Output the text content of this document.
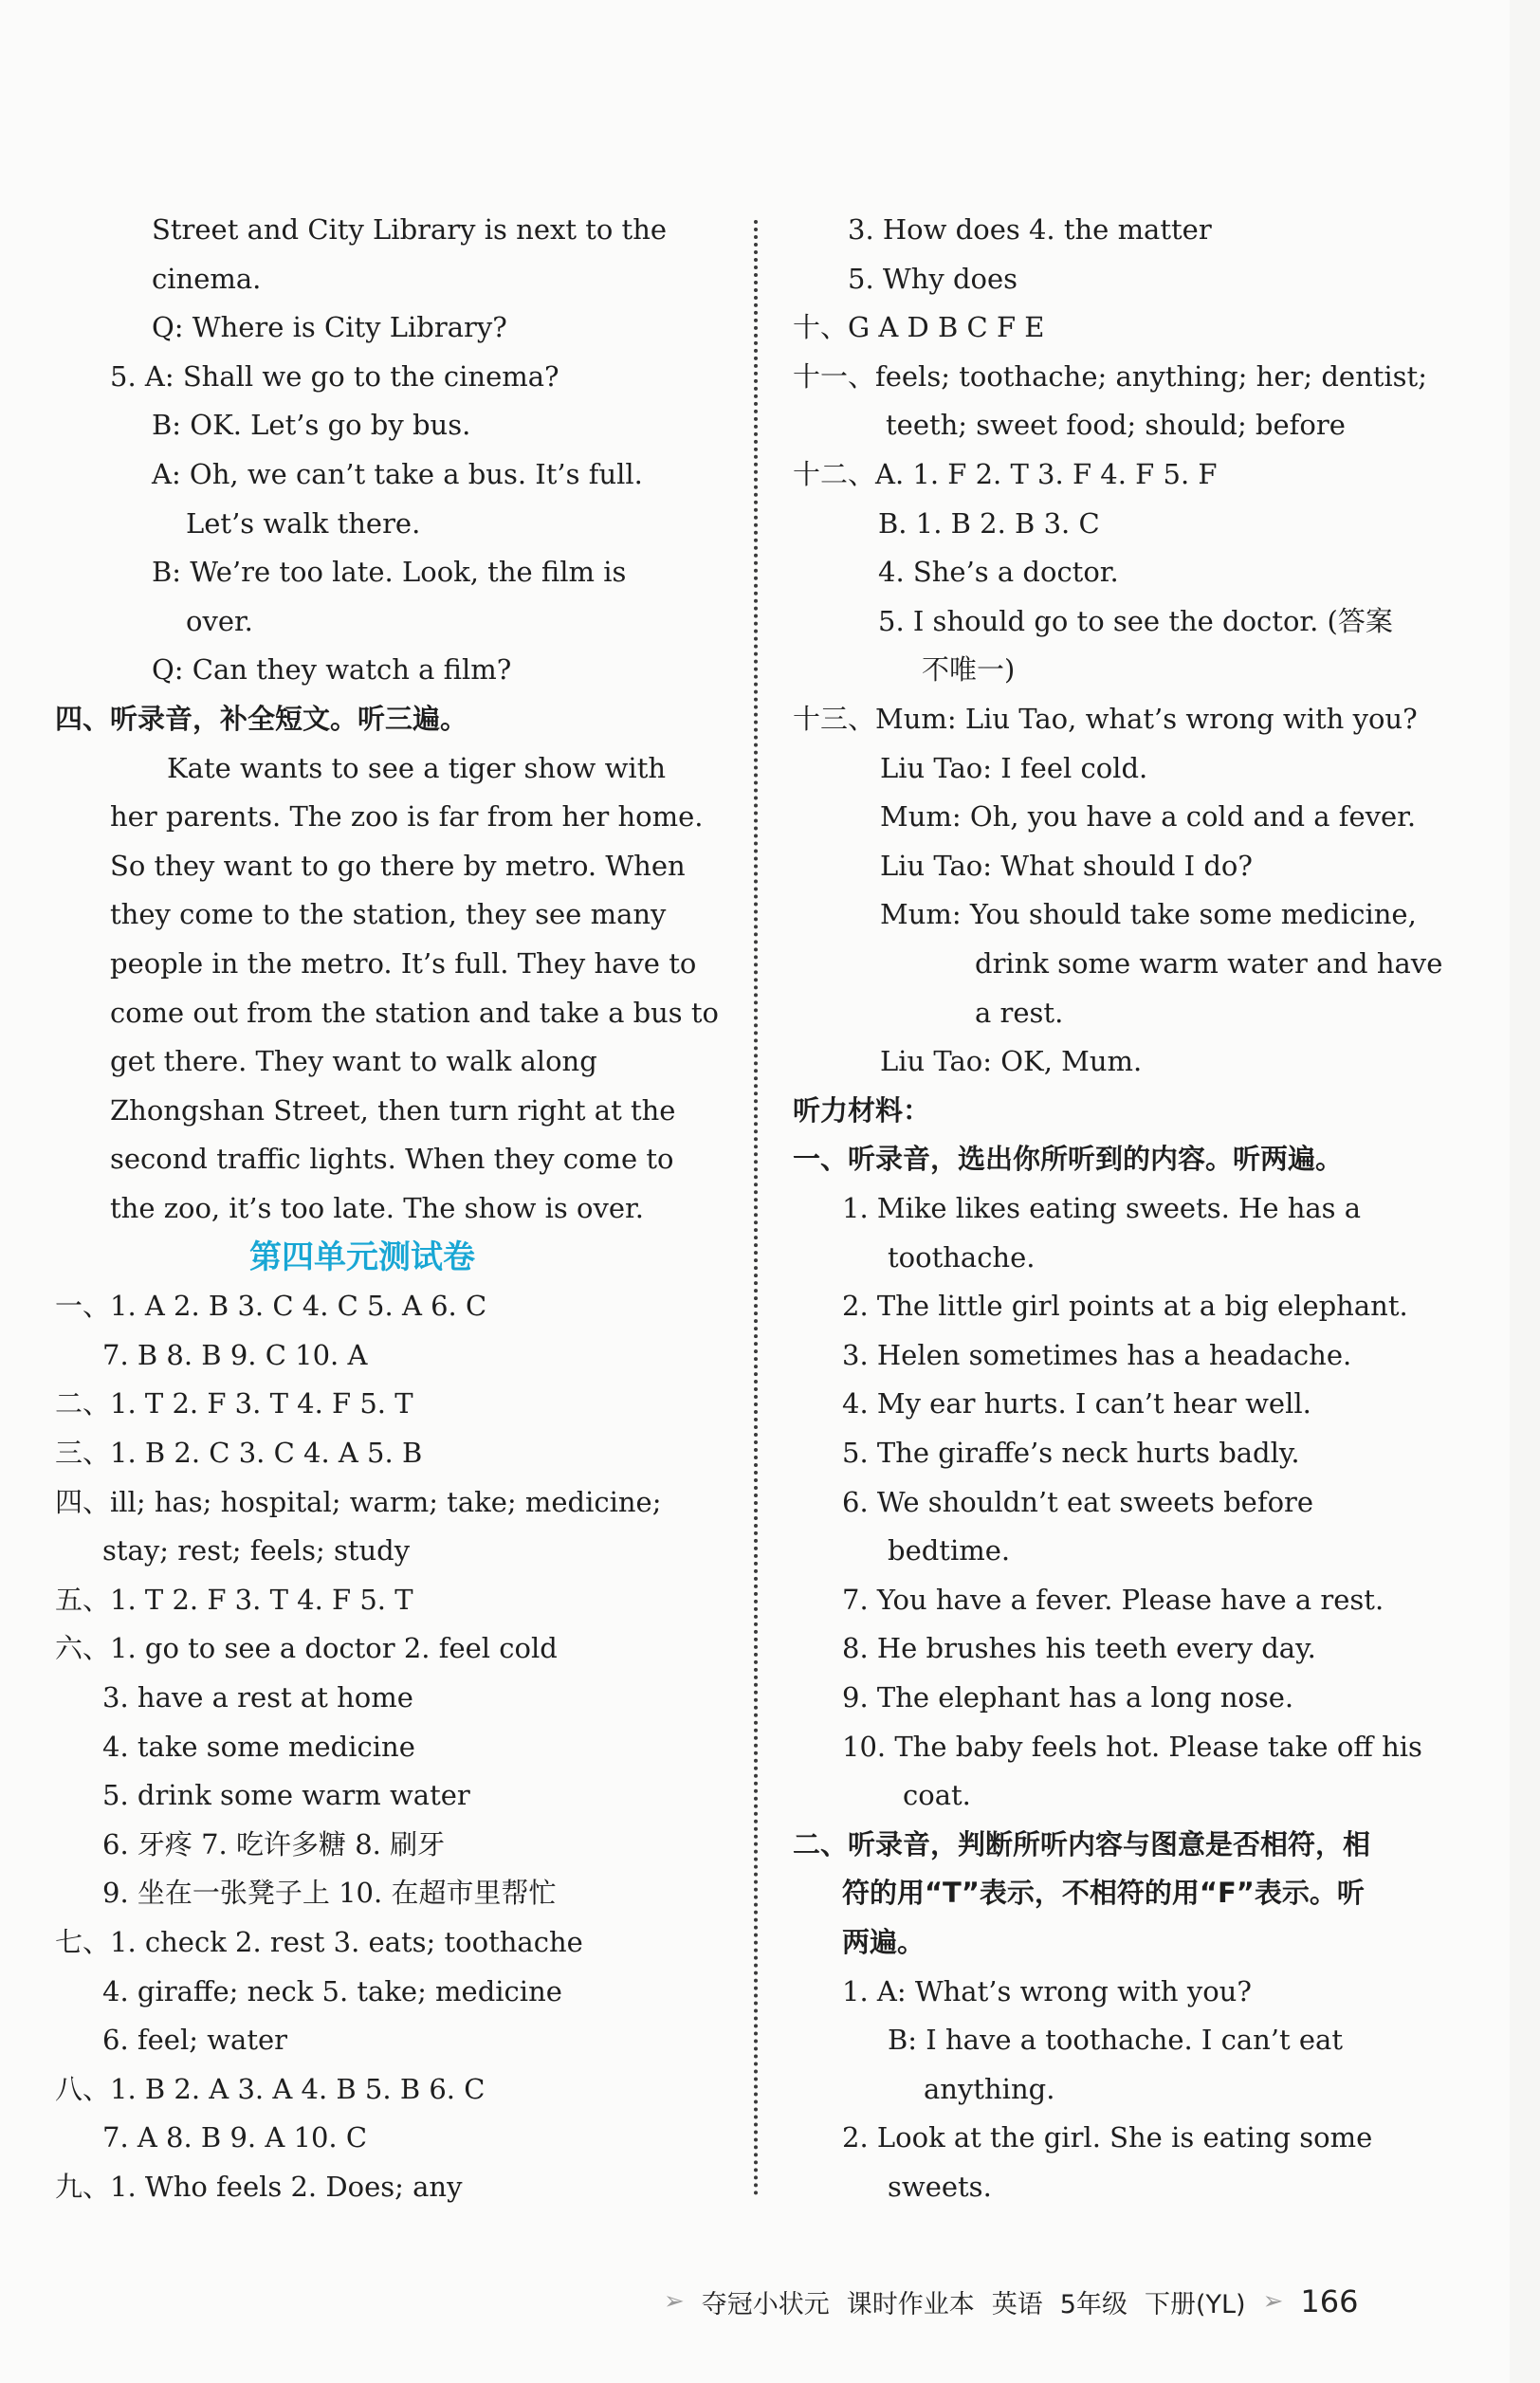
Street and City Library is next to the
cinema.
Q: Where is City Library?
5. A: Shall we go to the cinema?
B: OK. Let’s go by bus.
A: Oh, we can’t take a bus. It’s full.
Let’s walk there.
B: We’re too late. Look, the film is
over.
Q: Can they watch a film?
四、听录音，补全短文。听三遍。
Kate wants to see a tiger show with
her parents. The zoo is far from her home.
So they want to go there by metro. When
they come to the station, they see many
people in the metro. It’s full. They have to
come out from the station and take a bus to
get there. They want to walk along
Zhongshan Street, then turn right at the
second traffic lights. When they come to
the zoo, it’s too late. The show is over.
第四单元测试卷
一、1. A 2. B 3. C 4. C 5. A 6. C
7. B 8. B 9. C 10. A
二、1. T 2. F 3. T 4. F 5. T
三、1. B 2. C 3. C 4. A 5. B
四、ill; has; hospital; warm; take; medicine;
stay; rest; feels; study
五、1. T 2. F 3. T 4. F 5. T
六、1. go to see a doctor 2. feel cold
3. have a rest at home
4. take some medicine
5. drink some warm water
6. 牙疼 7. 吃许多糖 8. 刷牙
9. 坐在一张凳子上 10. 在超市里帮忙
七、1. check 2. rest 3. eats; toothache
4. giraffe; neck 5. take; medicine
6. feel; water
八、1. B 2. A 3. A 4. B 5. B 6. C
7. A 8. B 9. A 10. C
九、1. Who feels 2. Does; any
3. How does 4. the matter
5. Why does
十、G A D B C F E
十一、feels; toothache; anything; her; dentist;
teeth; sweet food; should; before
十二、A. 1. F 2. T 3. F 4. F 5. F
B. 1. B 2. B 3. C
4. She’s a doctor.
5. I should go to see the doctor. (答案
不唯一)
十三、Mum: Liu Tao, what’s wrong with you?
Liu Tao: I feel cold.
Mum: Oh, you have a cold and a fever.
Liu Tao: What should I do?
Mum: You should take some medicine,
drink some warm water and have
a rest.
Liu Tao: OK, Mum.
听力材料：
一、听录音，选出你所听到的内容。听两遍。
1. Mike likes eating sweets. He has a
toothache.
2. The little girl points at a big elephant.
3. Helen sometimes has a headache.
4. My ear hurts. I can’t hear well.
5. The giraffe’s neck hurts badly.
6. We shouldn’t eat sweets before
bedtime.
7. You have a fever. Please have a rest.
8. He brushes his teeth every day.
9. The elephant has a long nose.
10. The baby feels hot. Please take off his
coat.
二、听录音，判断所听内容与图意是否相符，相
符的用“T”表示，不相符的用“F”表示。听
两遍。
1. A: What’s wrong with you?
B: I have a toothache. I can’t eat
anything.
2. Look at the girl. She is eating some
sweets.
➢ 夺冠小状元 课时作业本 英语 5年级 下册(YL) ➢ 166
